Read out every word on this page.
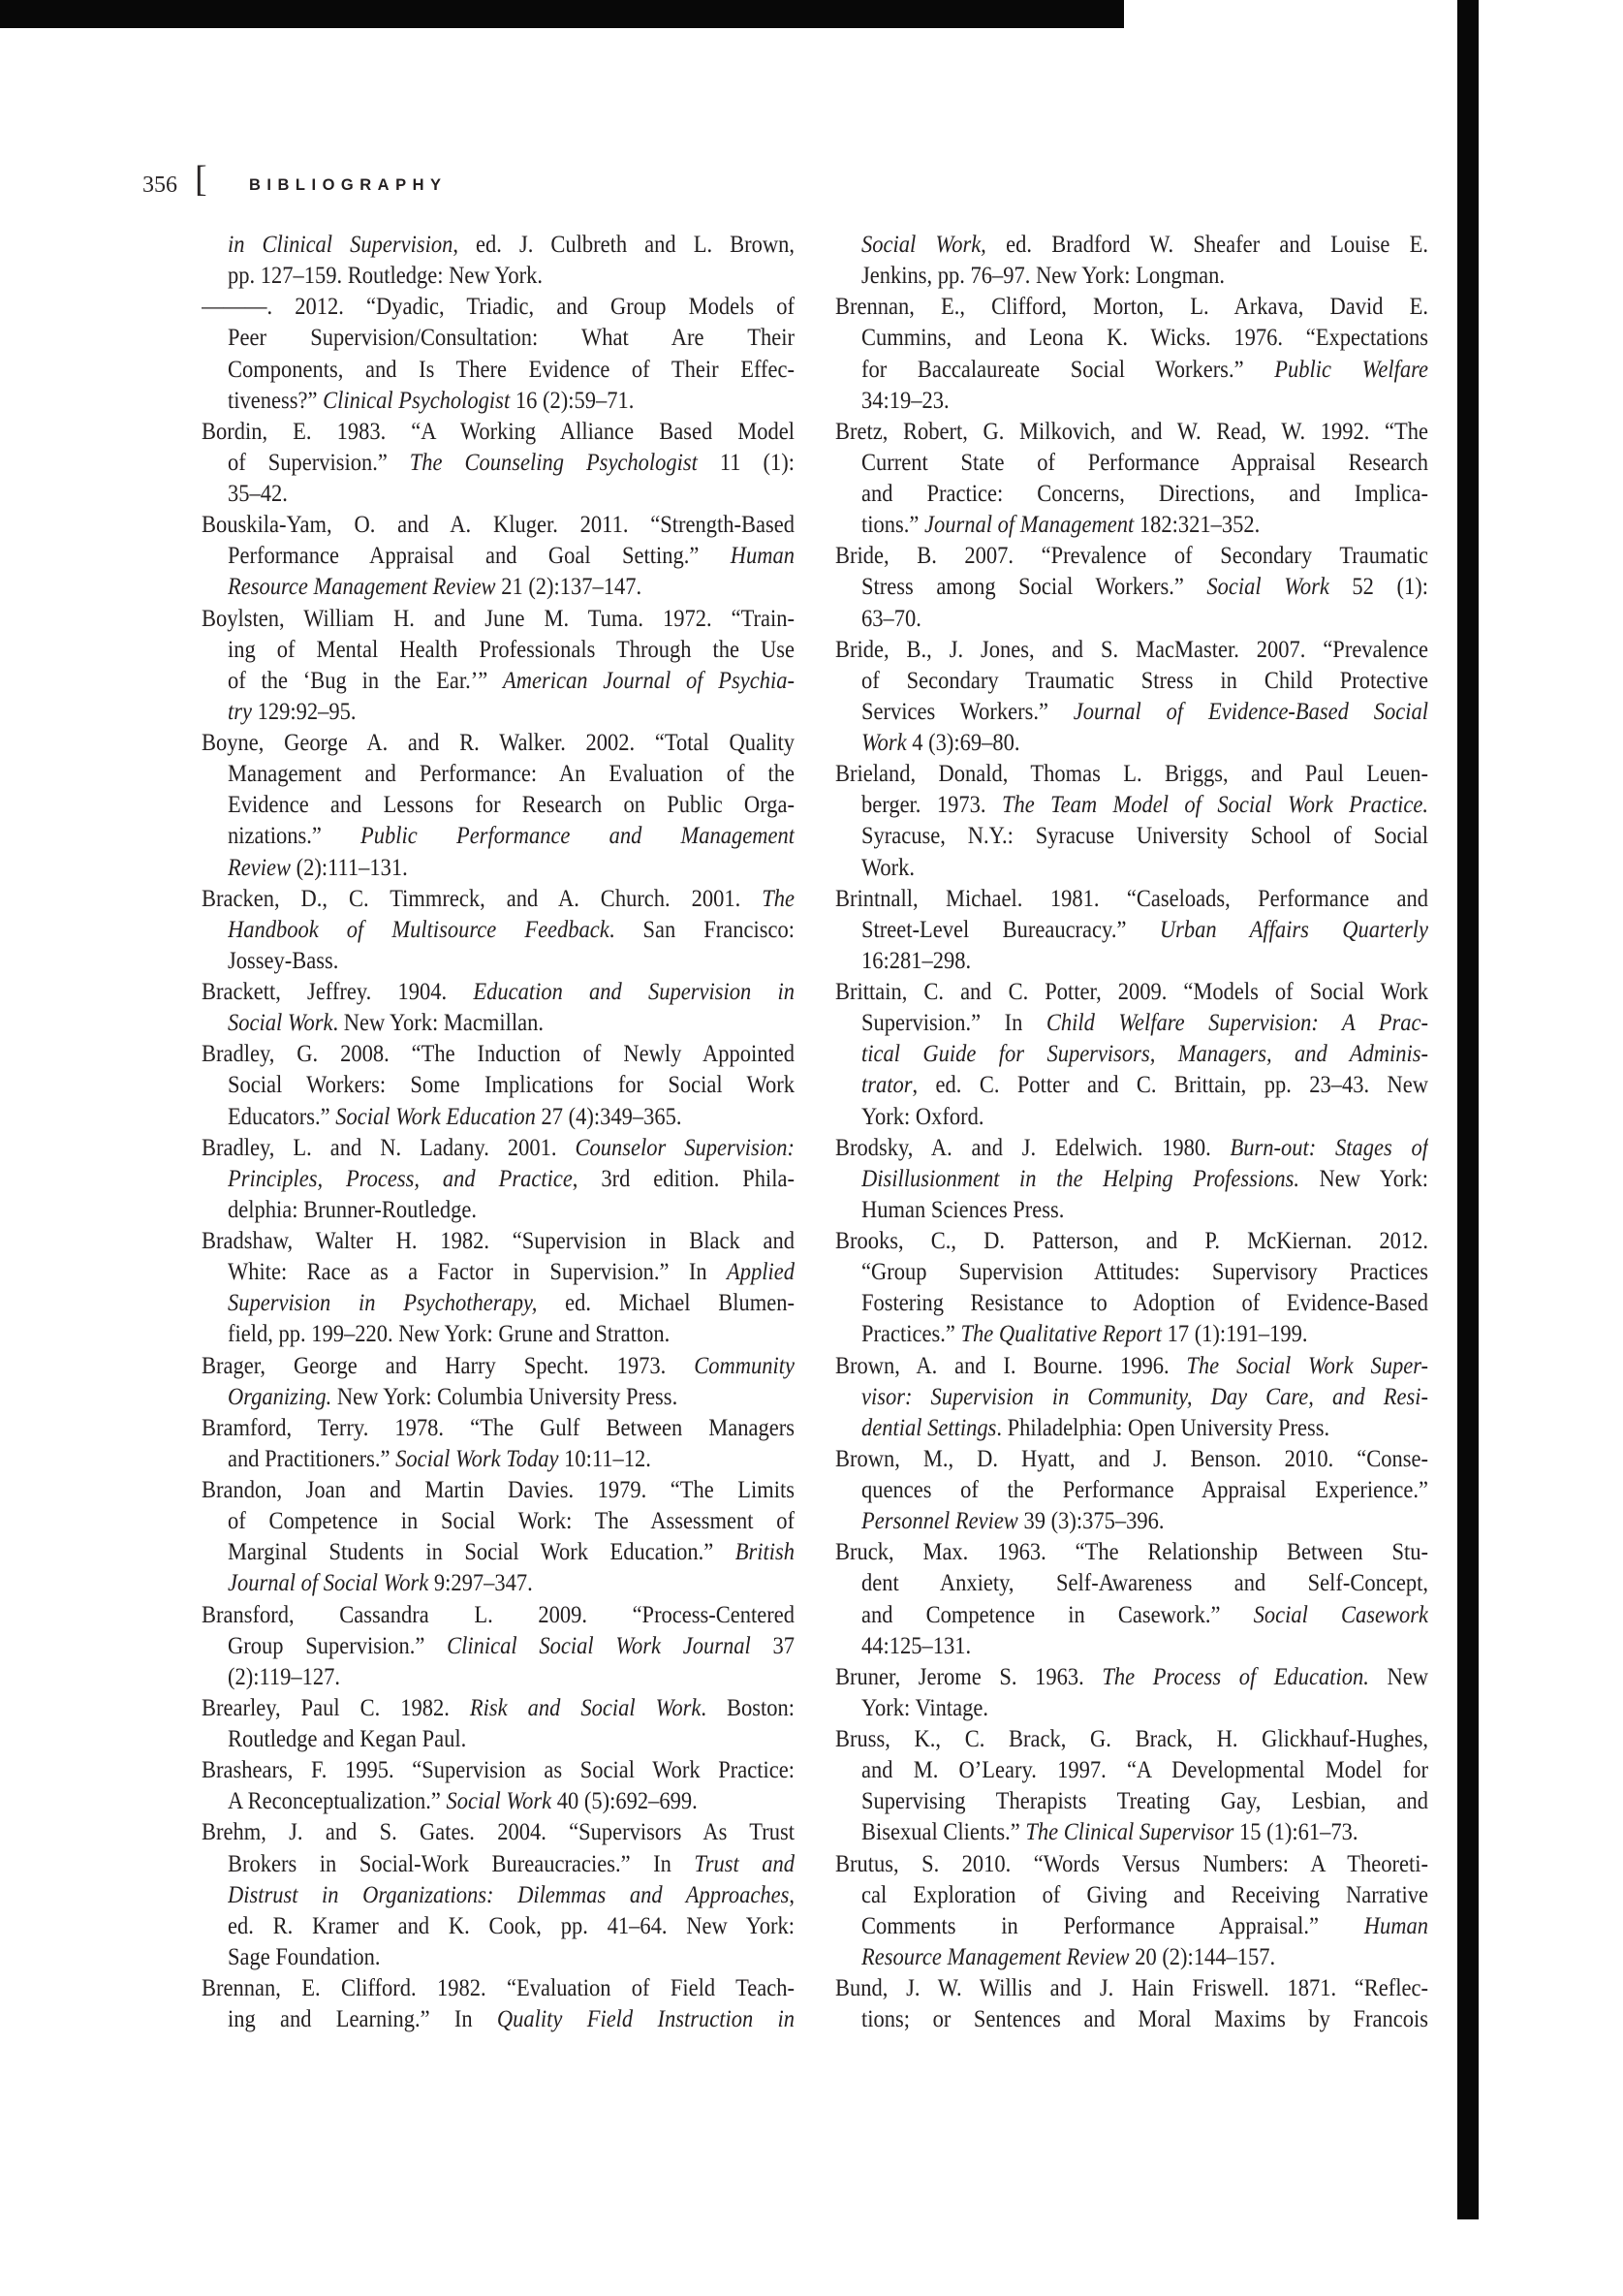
356 [	BIBLIOGRAPHY
in Clinical Supervision, ed. J. Culbreth and L. Brown,
pp. 127–159. Routledge: New York.
———. 2012. “Dyadic, Triadic, and Group Models of
Peer Supervision/Consultation: What Are Their
Components, and Is There Evidence of Their Effec-
tiveness?” Clinical Psychologist 16 (2):59–71.
Bordin, E. 1983. “A Working Alliance Based Model
of Supervision.” The Counseling Psychologist 11 (1):
35–42.
Bouskila-Yam, O. and A. Kluger. 2011. “Strength-Based
Performance Appraisal and Goal Setting.” Human
Resource Management Review 21 (2):137–147.
Boylsten, William H. and June M. Tuma. 1972. “Train-
ing of Mental Health Professionals Through the Use
of the ‘Bug in the Ear.’” American Journal of Psychia-
try 129:92–95.
Boyne, George A. and R. Walker. 2002. “Total Quality
Management and Performance: An Evaluation of the
Evidence and Lessons for Research on Public Orga-
nizations.” Public Performance and Management
Review (2):111–131.
Bracken, D., C. Timmreck, and A. Church. 2001. The
Handbook of Multisource Feedback. San Francisco:
Jossey-Bass.
Brackett, Jeffrey. 1904. Education and Supervision in
Social Work. New York: Macmillan.
Bradley, G. 2008. “The Induction of Newly Appointed
Social Workers: Some Implications for Social Work
Educators.” Social Work Education 27 (4):349–365.
Bradley, L. and N. Ladany. 2001. Counselor Supervision:
Principles, Process, and Practice, 3rd edition. Phila-
delphia: Brunner-Routledge.
Bradshaw, Walter H. 1982. “Supervision in Black and
White: Race as a Factor in Supervision.” In Applied
Supervision in Psychotherapy, ed. Michael Blumen-
field, pp. 199–220. New York: Grune and Stratton.
Brager, George and Harry Specht. 1973. Community
Organizing. New York: Columbia University Press.
Bramford, Terry. 1978. “The Gulf Between Managers
and Practitioners.” Social Work Today 10:11–12.
Brandon, Joan and Martin Davies. 1979. “The Limits
of Competence in Social Work: The Assessment of
Marginal Students in Social Work Education.” British
Journal of Social Work 9:297–347.
Bransford, Cassandra L. 2009. “Process-Centered
Group Supervision.” Clinical Social Work Journal 37
(2):119–127.
Brearley, Paul C. 1982. Risk and Social Work. Boston:
Routledge and Kegan Paul.
Brashears, F. 1995. “Supervision as Social Work Practice:
A Reconceptualization.” Social Work 40 (5):692–699.
Brehm, J. and S. Gates. 2004. “Supervisors As Trust
Brokers in Social-Work Bureaucracies.” In Trust and
Distrust in Organizations: Dilemmas and Approaches,
ed. R. Kramer and K. Cook, pp. 41–64. New York:
Sage Foundation.
Brennan, E. Clifford. 1982. “Evaluation of Field Teach-
ing and Learning.” In Quality Field Instruction in
Social Work, ed. Bradford W. Sheafer and Louise E.
Jenkins, pp. 76–97. New York: Longman.
Brennan, E., Clifford, Morton, L. Arkava, David E.
Cummins, and Leona K. Wicks. 1976. “Expectations
for Baccalaureate Social Workers.” Public Welfare
34:19–23.
Bretz, Robert, G. Milkovich, and W. Read, W. 1992. “The
Current State of Performance Appraisal Research
and Practice: Concerns, Directions, and Implica-
tions.” Journal of Management 182:321–352.
Bride, B. 2007. “Prevalence of Secondary Traumatic
Stress among Social Workers.” Social Work 52 (1):
63–70.
Bride, B., J. Jones, and S. MacMaster. 2007. “Prevalence
of Secondary Traumatic Stress in Child Protective
Services Workers.” Journal of Evidence-Based Social
Work 4 (3):69–80.
Brieland, Donald, Thomas L. Briggs, and Paul Leuen-
berger. 1973. The Team Model of Social Work Practice.
Syracuse, N.Y.: Syracuse University School of Social
Work.
Brintnall, Michael. 1981. “Caseloads, Performance and
Street-Level Bureaucracy.” Urban Affairs Quarterly
16:281–298.
Brittain, C. and C. Potter, 2009. “Models of Social Work
Supervision.” In Child Welfare Supervision: A Prac-
tical Guide for Supervisors, Managers, and Adminis-
trator, ed. C. Potter and C. Brittain, pp. 23–43. New
York: Oxford.
Brodsky, A. and J. Edelwich. 1980. Burn-out: Stages of
Disillusionment in the Helping Professions. New York:
Human Sciences Press.
Brooks, C., D. Patterson, and P. McKiernan. 2012.
“Group Supervision Attitudes: Supervisory Practices
Fostering Resistance to Adoption of Evidence-Based
Practices.” The Qualitative Report 17 (1):191–199.
Brown, A. and I. Bourne. 1996. The Social Work Super-
visor: Supervision in Community, Day Care, and Resi-
dential Settings. Philadelphia: Open University Press.
Brown, M., D. Hyatt, and J. Benson. 2010. “Conse-
quences of the Performance Appraisal Experience.”
Personnel Review 39 (3):375–396.
Bruck, Max. 1963. “The Relationship Between Stu-
dent Anxiety, Self-Awareness and Self-Concept,
and Competence in Casework.” Social Casework
44:125–131.
Bruner, Jerome S. 1963. The Process of Education. New
York: Vintage.
Bruss, K., C. Brack, G. Brack, H. Glickhauf-Hughes,
and M. O’Leary. 1997. “A Developmental Model for
Supervising Therapists Treating Gay, Lesbian, and
Bisexual Clients.” The Clinical Supervisor 15 (1):61–73.
Brutus, S. 2010. “Words Versus Numbers: A Theoreti-
cal Exploration of Giving and Receiving Narrative
Comments in Performance Appraisal.” Human
Resource Management Review 20 (2):144–157.
Bund, J. W. Willis and J. Hain Friswell. 1871. “Reflec-
tions; or Sentences and Moral Maxims by Francois
